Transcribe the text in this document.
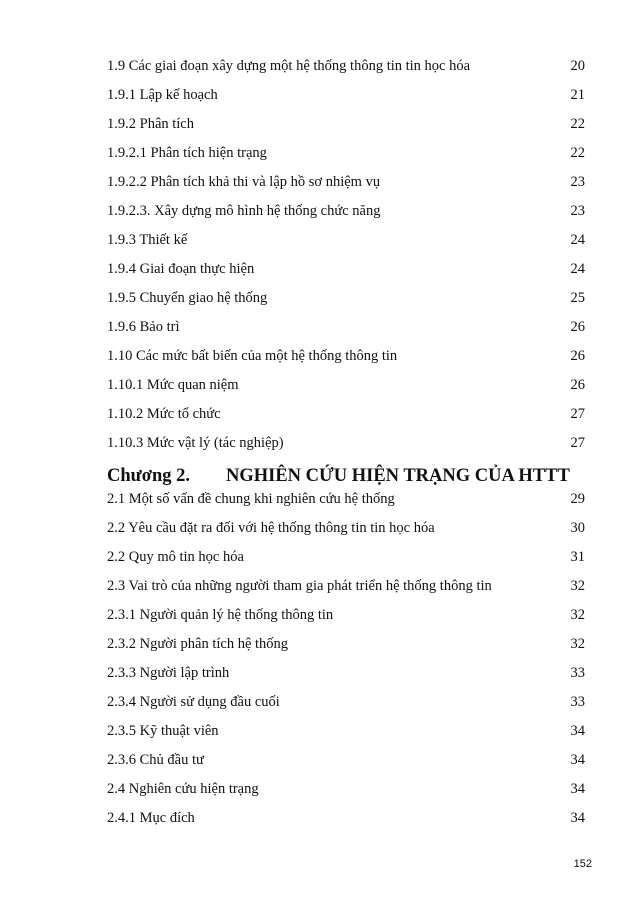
1.9 Các giai đoạn xây dựng một hệ thống thông tin tin học hóa	20
1.9.1 Lập kế hoạch	21
1.9.2 Phân tích	22
1.9.2.1 Phân tích hiện trạng	22
1.9.2.2 Phân tích khả thi và lập hồ sơ nhiệm vụ	23
1.9.2.3. Xây dựng mô hình hệ thống chức năng	23
1.9.3 Thiết kế	24
1.9.4 Giai đoạn thực hiện	24
1.9.5 Chuyển giao hệ thống	25
1.9.6 Bảo trì	26
1.10 Các mức bất biến của một hệ thống thông tin	26
1.10.1 Mức quan niệm	26
1.10.2 Mức tổ chức	27
1.10.3 Mức vật lý (tác nghiệp)	27
Chương 2. NGHIÊN CỨU HIỆN TRẠNG CỦA HTTT
2.1 Một số vấn đề chung khi nghiên cứu hệ thống	29
2.2 Yêu cầu đặt ra đối với hệ thống thông tin tin học hóa	30
2.2 Quy mô tin học hóa	31
2.3 Vai trò của những người tham gia phát triển hệ thống thông tin	32
2.3.1 Người quản lý hệ thống thông tin	32
2.3.2 Người phân tích hệ thống	32
2.3.3 Người lập trình	33
2.3.4 Người sử dụng đầu cuối	33
2.3.5 Kỹ thuật viên	34
2.3.6 Chủ đầu tư	34
2.4 Nghiên cứu hiện trạng	34
2.4.1 Mục đích	34
152
